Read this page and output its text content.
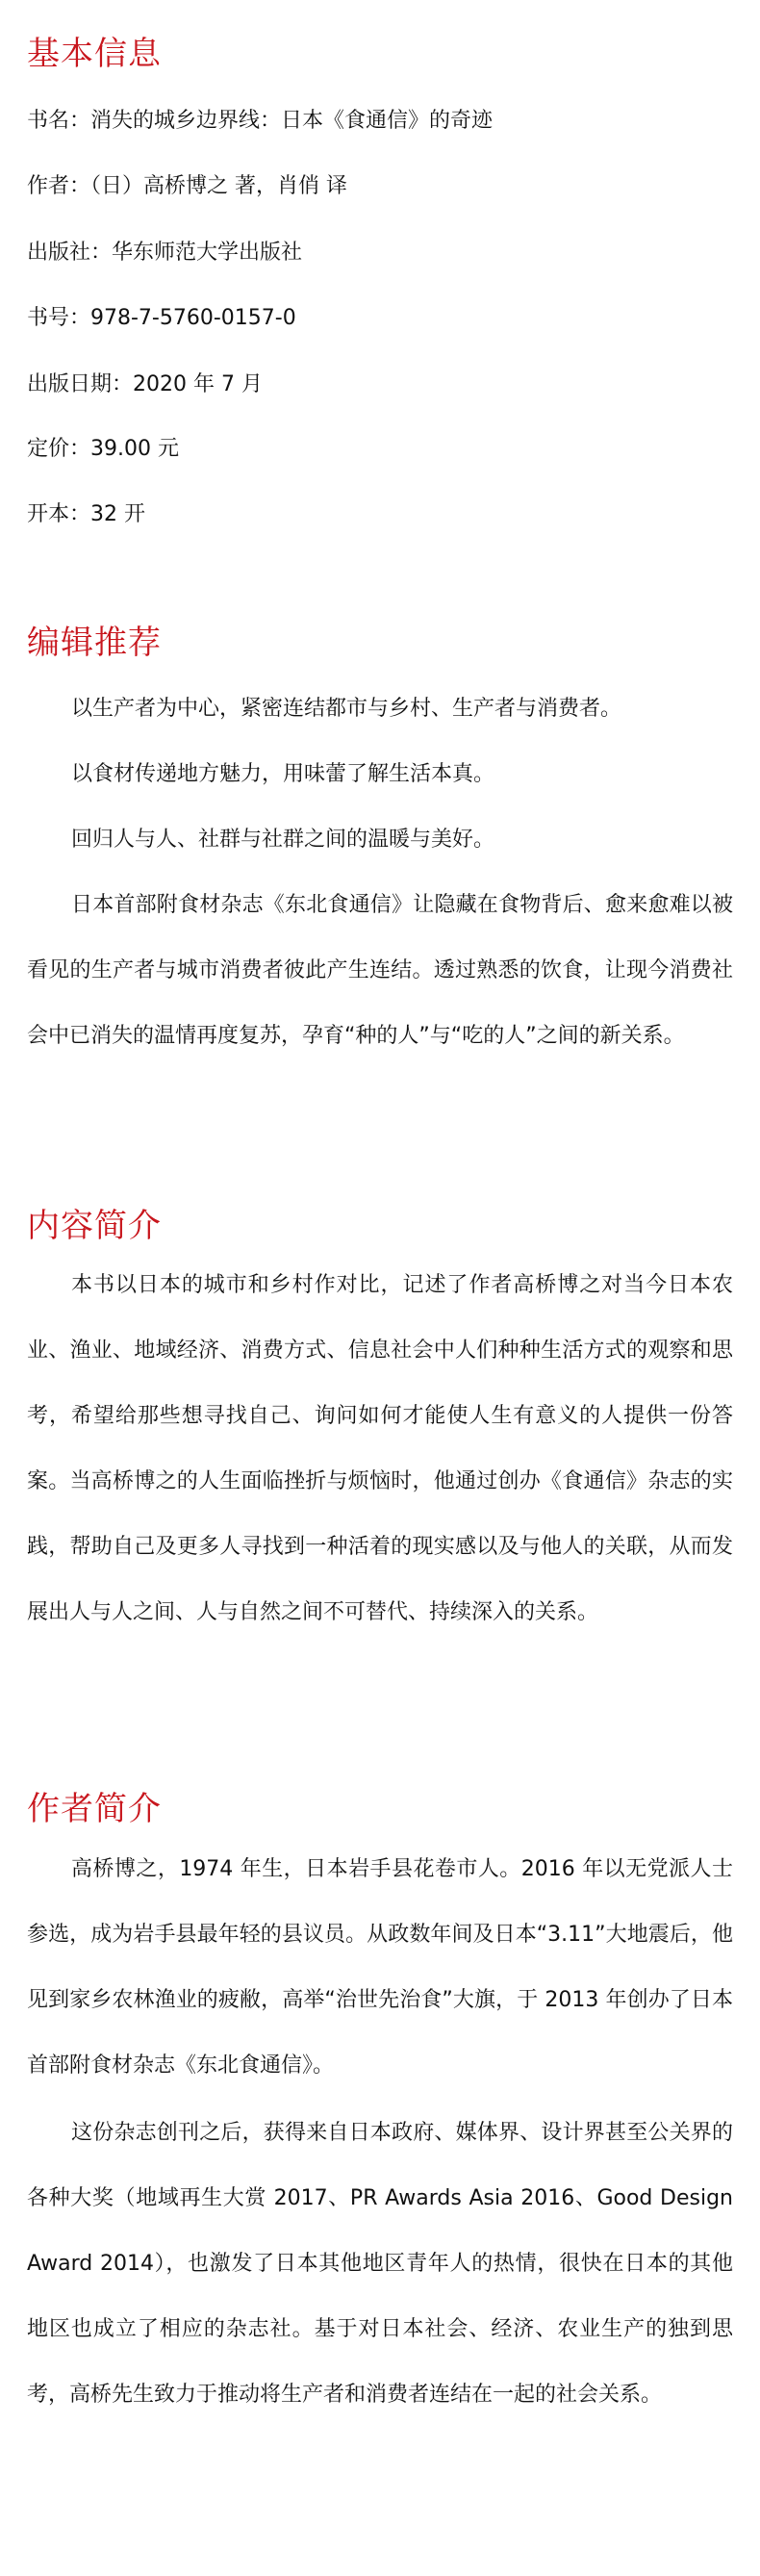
基本信息

书名：消失的城乡边界线：日本《食通信》的奇迹

作者：（日）高桥博之 著，肖俏 译

出版社：华东师范大学出版社

书号：978-7-5760-0157-0

出版日期：2020 年 7 月

定价：39.00 元

开本：32 开

编辑推荐

以生产者为中心，紧密连结都市与乡村、生产者与消费者。

以食材传递地方魅力，用味蕾了解生活本真。

回归人与人、社群与社群之间的温暖与美好。

日本首部附食材杂志《东北食通信》让隐藏在食物背后、愈来愈难以被看见的生产者与城市消费者彼此产生连结。透过熟悉的饮食，让现今消费社会中已消失的温情再度复苏，孕育“种的人”与“吃的人”之间的新关系。

内容简介

本书以日本的城市和乡村作对比，记述了作者高桥博之对当今日本农业、渔业、地域经济、消费方式、信息社会中人们种种生活方式的观察和思考，希望给那些想寻找自己、询问如何才能使人生有意义的人提供一份答案。当高桥博之的人生面临挫折与烦恼时，他通过创办《食通信》杂志的实践，帮助自己及更多人寻找到一种活着的现实感以及与他人的关联，从而发展出人与人之间、人与自然之间不可替代、持续深入的关系。

作者简介

高桥博之，1974 年生，日本岩手县花卷市人。2016 年以无党派人士参选，成为岩手县最年轻的县议员。从政数年间及日本“3.11”大地震后，他见到家乡农林渔业的疲敝，高举“治世先治食”大旗，于 2013 年创办了日本首部附食材杂志《东北食通信》。

这份杂志创刊之后，获得来自日本政府、媒体界、设计界甚至公关界的各种大奖（地域再生大赏 2017、PR Awards Asia 2016、Good Design Award 2014），也激发了日本其他地区青年人的热情，很快在日本的其他地区也成立了相应的杂志社。基于对日本社会、经济、农业生产的独到思考，高桥先生致力于推动将生产者和消费者连结在一起的社会关系。
